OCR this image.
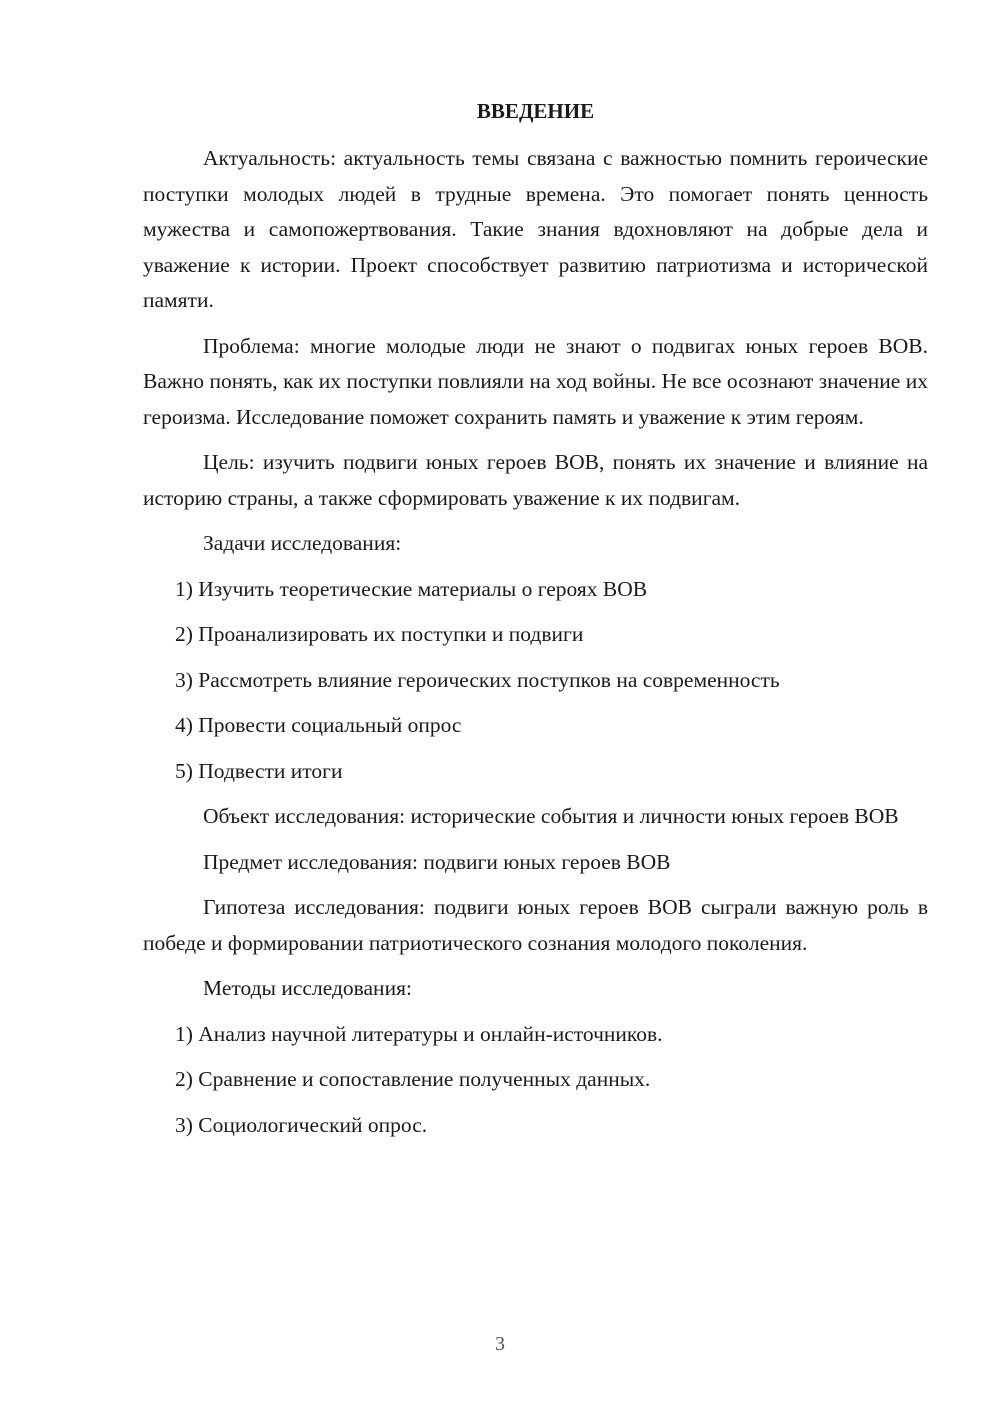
ВВЕДЕНИЕ

Актуальность: актуальность темы связана с важностью помнить героические поступки молодых людей в трудные времена. Это помогает понять ценность мужества и самопожертвования. Такие знания вдохновляют на добрые дела и уважение к истории. Проект способствует развитию патриотизма и исторической памяти.

Проблема: многие молодые люди не знают о подвигах юных героев ВОВ. Важно понять, как их поступки повлияли на ход войны. Не все осознают значение их героизма. Исследование поможет сохранить память и уважение к этим героям.

Цель: изучить подвиги юных героев ВОВ, понять их значение и влияние на историю страны, а также сформировать уважение к их подвигам.

Задачи исследования:
1) Изучить теоретические материалы о героях ВОВ
2) Проанализировать их поступки и подвиги
3) Рассмотреть влияние героических поступков на современность
4) Провести социальный опрос
5) Подвести итоги

Объект исследования: исторические события и личности юных героев ВОВ

Предмет исследования: подвиги юных героев ВОВ

Гипотеза исследования: подвиги юных героев ВОВ сыграли важную роль в победе и формировании патриотического сознания молодого поколения.

Методы исследования:
1) Анализ научной литературы и онлайн-источников.
2) Сравнение и сопоставление полученных данных.
3) Социологический опрос.
3
